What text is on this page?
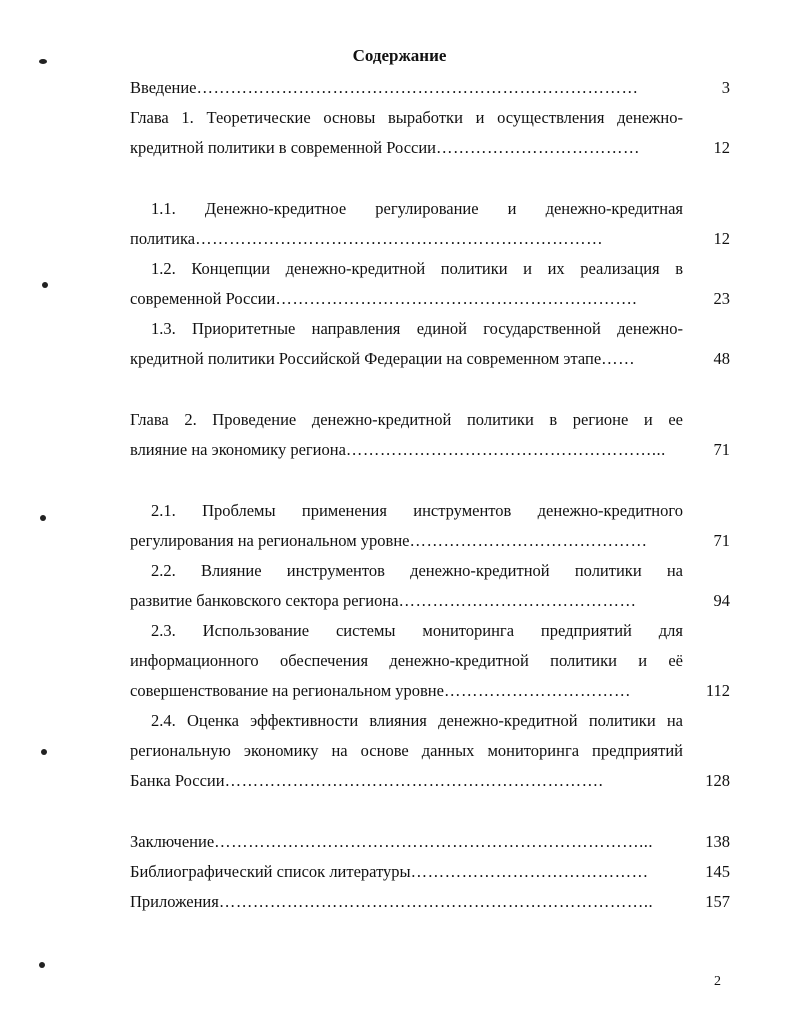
Содержание
Введение……………………………………………………………………	3
Глава 1. Теоретические основы выработки и осуществления денежно-
кредитной политики в современной России………………………………	12
1.1. Денежно-кредитное регулирование и денежно-кредитная
политика………………………………………………………………	12
1.2. Концепции денежно-кредитной политики и их реализация в
современной России……………………………………………………….	23
1.3. Приоритетные направления единой государственной денежно-
кредитной политики Российской Федерации на современном этапе……	48
Глава 2. Проведение денежно-кредитной политики в регионе и ее
влияние на экономику региона………………………………………………...	71
2.1. Проблемы применения инструментов денежно-кредитного
регулирования на региональном уровне……………………………………	71
2.2. Влияние инструментов денежно-кредитной политики на
развитие банковского сектора региона……………………………………	94
2.3. Использование системы мониторинга предприятий для
информационного обеспечения денежно-кредитной политики и её
совершенствование на региональном уровне……………………………	112
2.4. Оценка эффективности влияния денежно-кредитной политики на
региональную экономику на основе данных мониторинга предприятий
Банка России………………………………………………………….	128
Заключение…………………………………………………………………...	138
Библиографический список литературы……………………………………	145
Приложения…………………………………………………………………..	157
2
